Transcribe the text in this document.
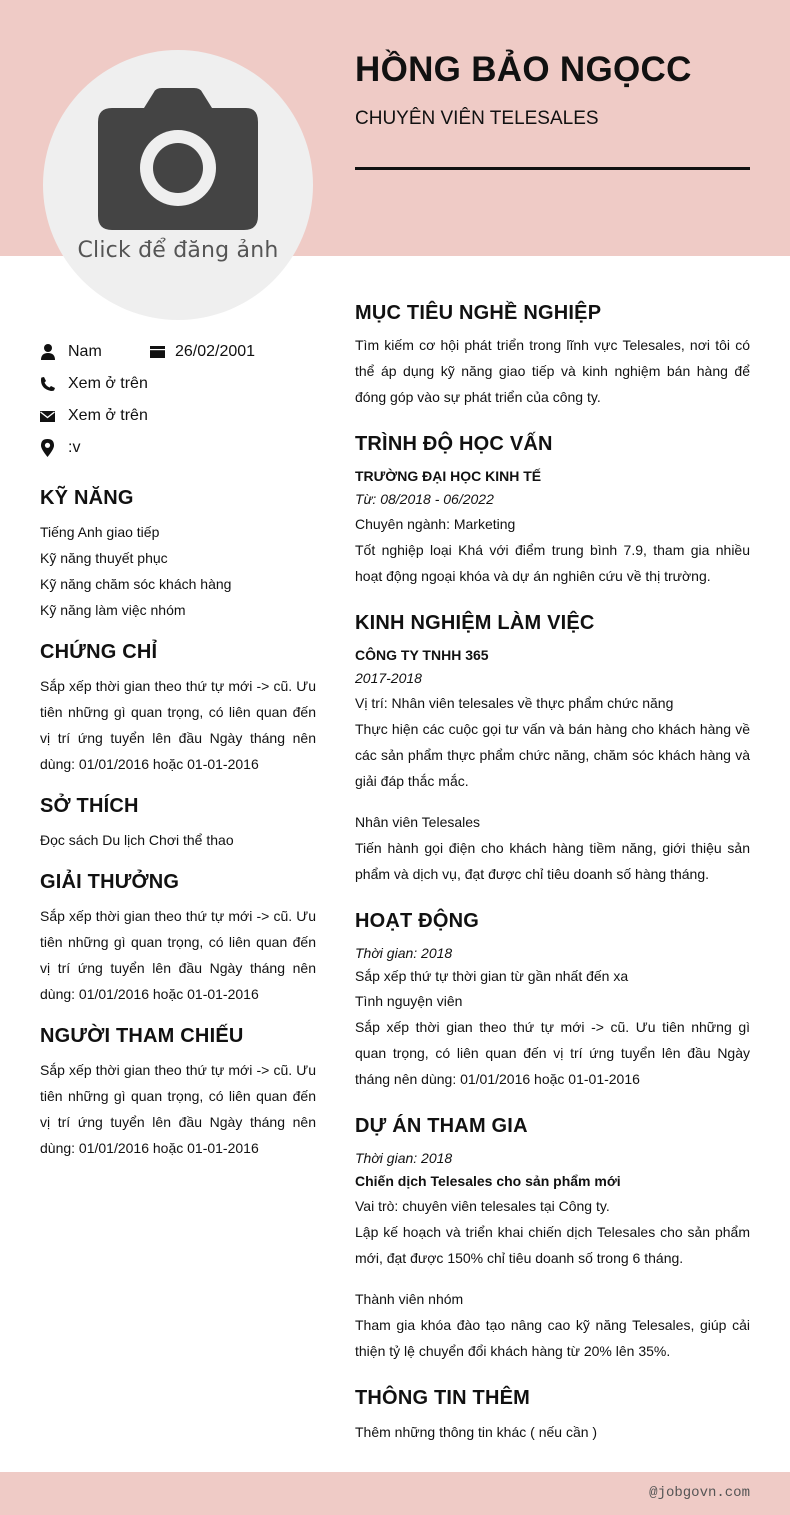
Click để đăng ảnh
HỒNG BẢO NGỌCC
CHUYÊN VIÊN TELESALES
Nam	26/02/2001
Xem ở trên
Xem ở trên
:v
KỸ NĂNG
Tiếng Anh giao tiếp
Kỹ năng thuyết phục
Kỹ năng chăm sóc khách hàng
Kỹ năng làm việc nhóm
CHỨNG CHỈ
Sắp xếp thời gian theo thứ tự mới -> cũ. Ưu tiên những gì quan trọng, có liên quan đến vị trí ứng tuyển lên đầu Ngày tháng nên dùng: 01/01/2016 hoặc 01-01-2016
SỞ THÍCH
Đọc sách Du lịch Chơi thể thao
GIẢI THƯỞNG
Sắp xếp thời gian theo thứ tự mới -> cũ. Ưu tiên những gì quan trọng, có liên quan đến vị trí ứng tuyển lên đầu Ngày tháng nên dùng: 01/01/2016 hoặc 01-01-2016
NGƯỜI THAM CHIẾU
Sắp xếp thời gian theo thứ tự mới -> cũ. Ưu tiên những gì quan trọng, có liên quan đến vị trí ứng tuyển lên đầu Ngày tháng nên dùng: 01/01/2016 hoặc 01-01-2016
MỤC TIÊU NGHỀ NGHIỆP
Tìm kiếm cơ hội phát triển trong lĩnh vực Telesales, nơi tôi có thể áp dụng kỹ năng giao tiếp và kinh nghiệm bán hàng để đóng góp vào sự phát triển của công ty.
TRÌNH ĐỘ HỌC VẤN
TRƯỜNG ĐẠI HỌC KINH TẾ
Từ: 08/2018 - 06/2022
Chuyên ngành: Marketing
Tốt nghiệp loại Khá với điểm trung bình 7.9, tham gia nhiều hoạt động ngoại khóa và dự án nghiên cứu về thị trường.
KINH NGHIỆM LÀM VIỆC
CÔNG TY TNHH 365
2017-2018
Vị trí: Nhân viên telesales về thực phẩm chức năng
Thực hiện các cuộc gọi tư vấn và bán hàng cho khách hàng về các sản phẩm thực phẩm chức năng, chăm sóc khách hàng và giải đáp thắc mắc.
Nhân viên Telesales
Tiến hành gọi điện cho khách hàng tiềm năng, giới thiệu sản phẩm và dịch vụ, đạt được chỉ tiêu doanh số hàng tháng.
HOẠT ĐỘNG
Thời gian: 2018
Sắp xếp thứ tự thời gian từ gần nhất đến xa
Tình nguyện viên
Sắp xếp thời gian theo thứ tự mới -> cũ. Ưu tiên những gì quan trọng, có liên quan đến vị trí ứng tuyển lên đầu Ngày tháng nên dùng: 01/01/2016 hoặc 01-01-2016
DỰ ÁN THAM GIA
Thời gian: 2018
Chiến dịch Telesales cho sản phẩm mới
Vai trò: chuyên viên telesales tại Công ty.
Lập kế hoạch và triển khai chiến dịch Telesales cho sản phẩm mới, đạt được 150% chỉ tiêu doanh số trong 6 tháng.
Thành viên nhóm
Tham gia khóa đào tạo nâng cao kỹ năng Telesales, giúp cải thiện tỷ lệ chuyển đổi khách hàng từ 20% lên 35%.
THÔNG TIN THÊM
Thêm những thông tin khác ( nếu cần )
@jobgovn.com
